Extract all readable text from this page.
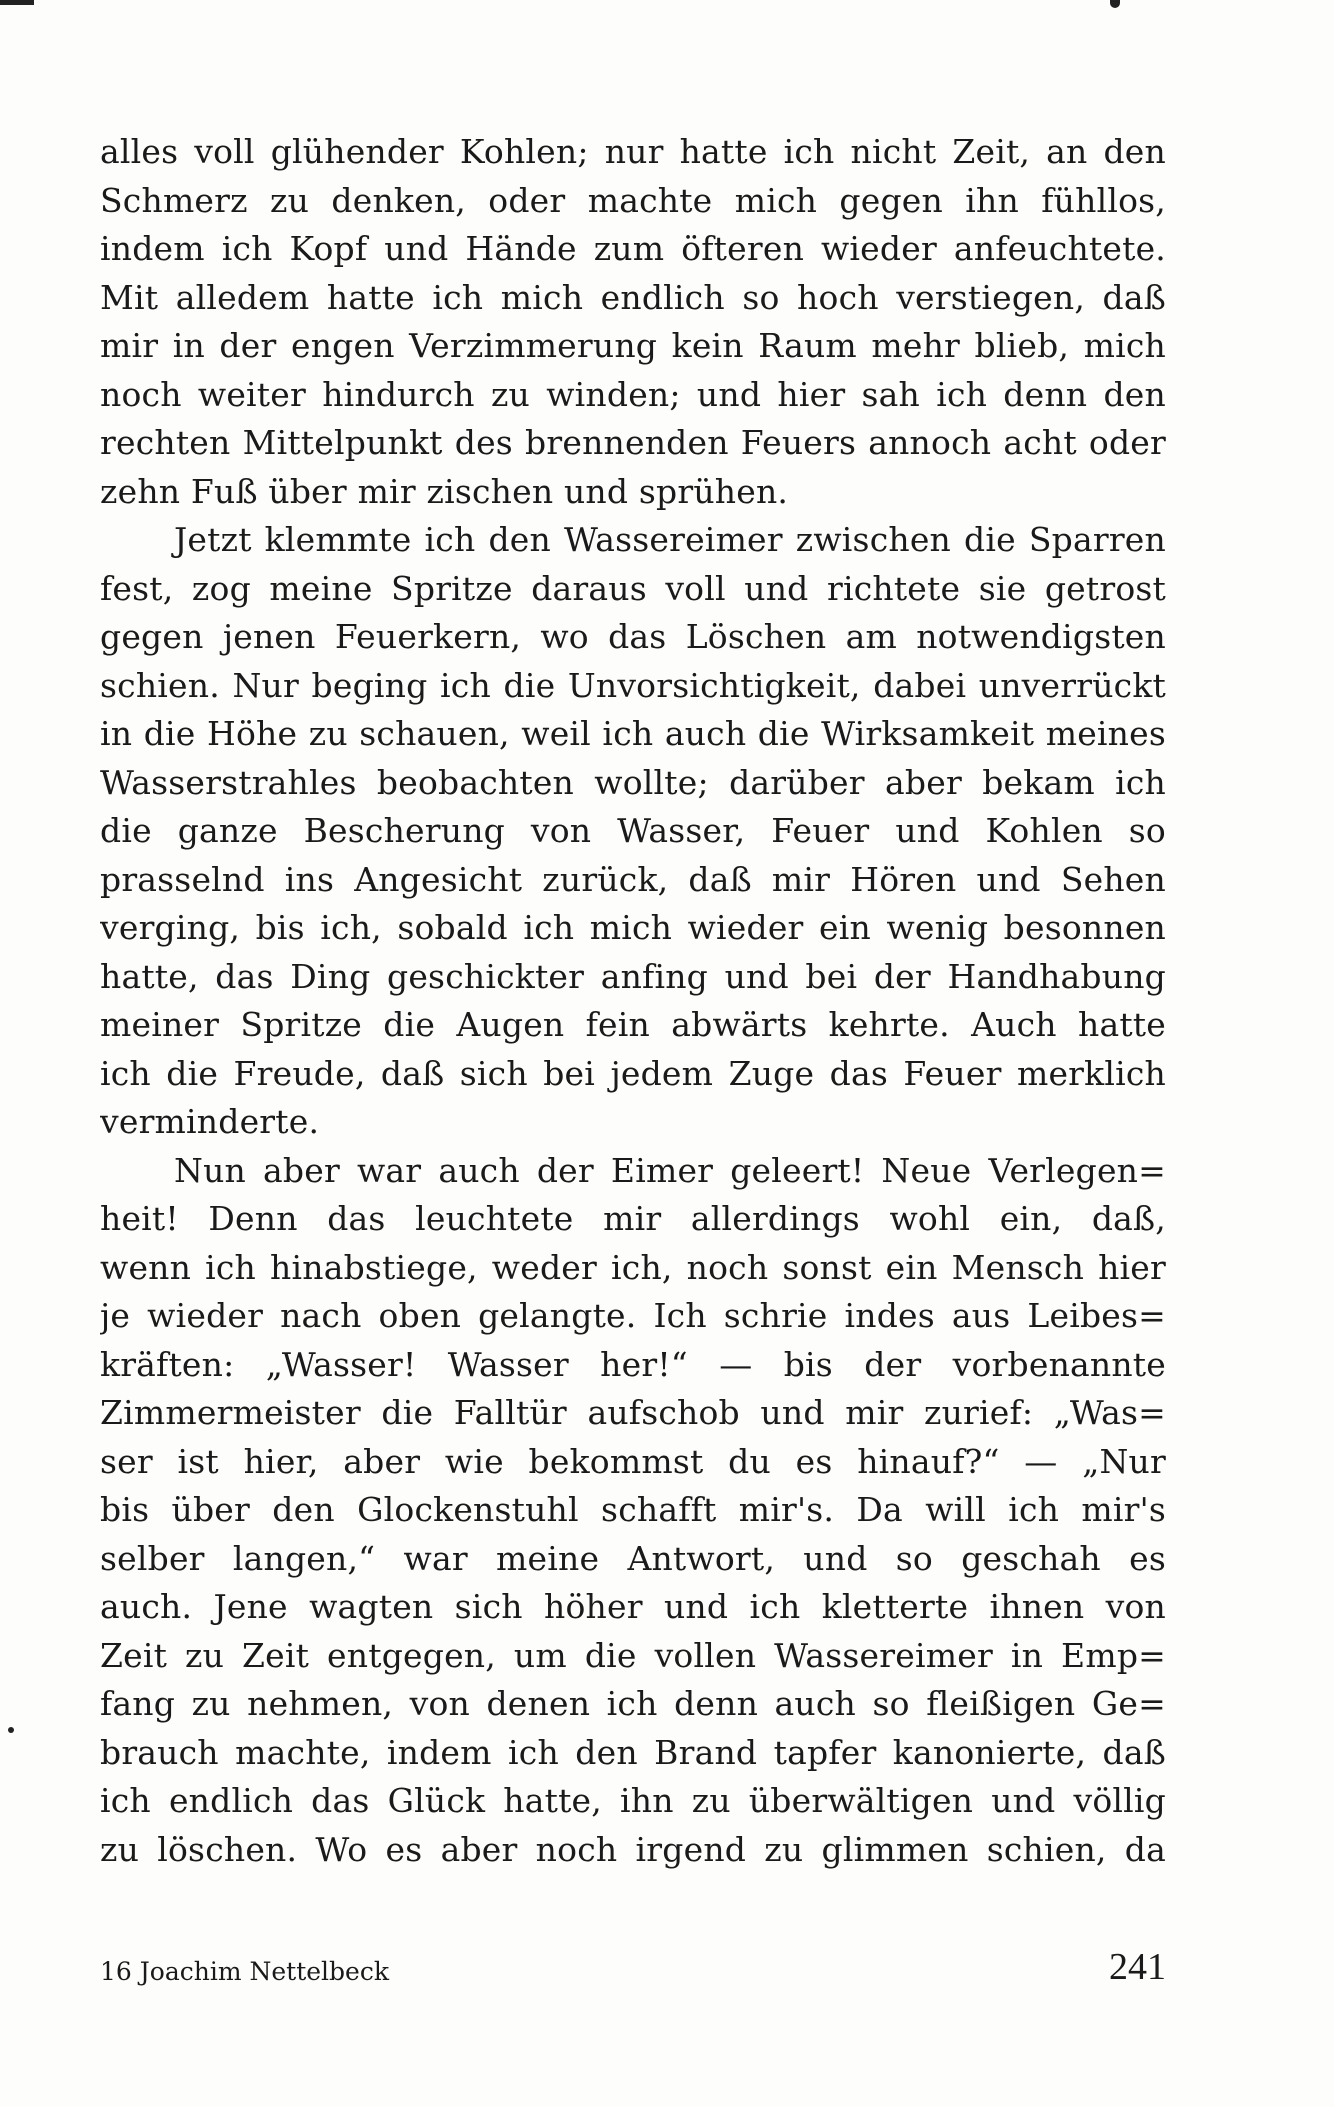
alles voll glühender Kohlen; nur hatte ich nicht Zeit, an den
Schmerz zu denken, oder machte mich gegen ihn fühllos,
indem ich Kopf und Hände zum öfteren wieder anfeuchtete.
Mit alledem hatte ich mich endlich so hoch verstiegen, daß
mir in der engen Verzimmerung kein Raum mehr blieb, mich
noch weiter hindurch zu winden; und hier sah ich denn den
rechten Mittelpunkt des brennenden Feuers annoch acht oder
zehn Fuß über mir zischen und sprühen.
Jetzt klemmte ich den Wassereimer zwischen die Sparren
fest, zog meine Spritze daraus voll und richtete sie getrost
gegen jenen Feuerkern, wo das Löschen am notwendigsten
schien. Nur beging ich die Unvorsichtigkeit, dabei unverrückt
in die Höhe zu schauen, weil ich auch die Wirksamkeit meines
Wasserstrahles beobachten wollte; darüber aber bekam ich
die ganze Bescherung von Wasser, Feuer und Kohlen so
prasselnd ins Angesicht zurück, daß mir Hören und Sehen
verging, bis ich, sobald ich mich wieder ein wenig besonnen
hatte, das Ding geschickter anfing und bei der Handhabung
meiner Spritze die Augen fein abwärts kehrte. Auch hatte
ich die Freude, daß sich bei jedem Zuge das Feuer merklich
verminderte.
Nun aber war auch der Eimer geleert! Neue Verlegen=
heit! Denn das leuchtete mir allerdings wohl ein, daß,
wenn ich hinabstiege, weder ich, noch sonst ein Mensch hier
je wieder nach oben gelangte. Ich schrie indes aus Leibes=
kräften: „Wasser! Wasser her!“ — bis der vorbenannte
Zimmermeister die Falltür aufschob und mir zurief: „Was=
ser ist hier, aber wie bekommst du es hinauf?“ — „Nur
bis über den Glockenstuhl schafft mir's. Da will ich mir's
selber langen,“ war meine Antwort, und so geschah es
auch. Jene wagten sich höher und ich kletterte ihnen von
Zeit zu Zeit entgegen, um die vollen Wassereimer in Emp=
fang zu nehmen, von denen ich denn auch so fleißigen Ge=
brauch machte, indem ich den Brand tapfer kanonierte, daß
ich endlich das Glück hatte, ihn zu überwältigen und völlig
zu löschen. Wo es aber noch irgend zu glimmen schien, da
16 Joachim Nettelbeck	241
